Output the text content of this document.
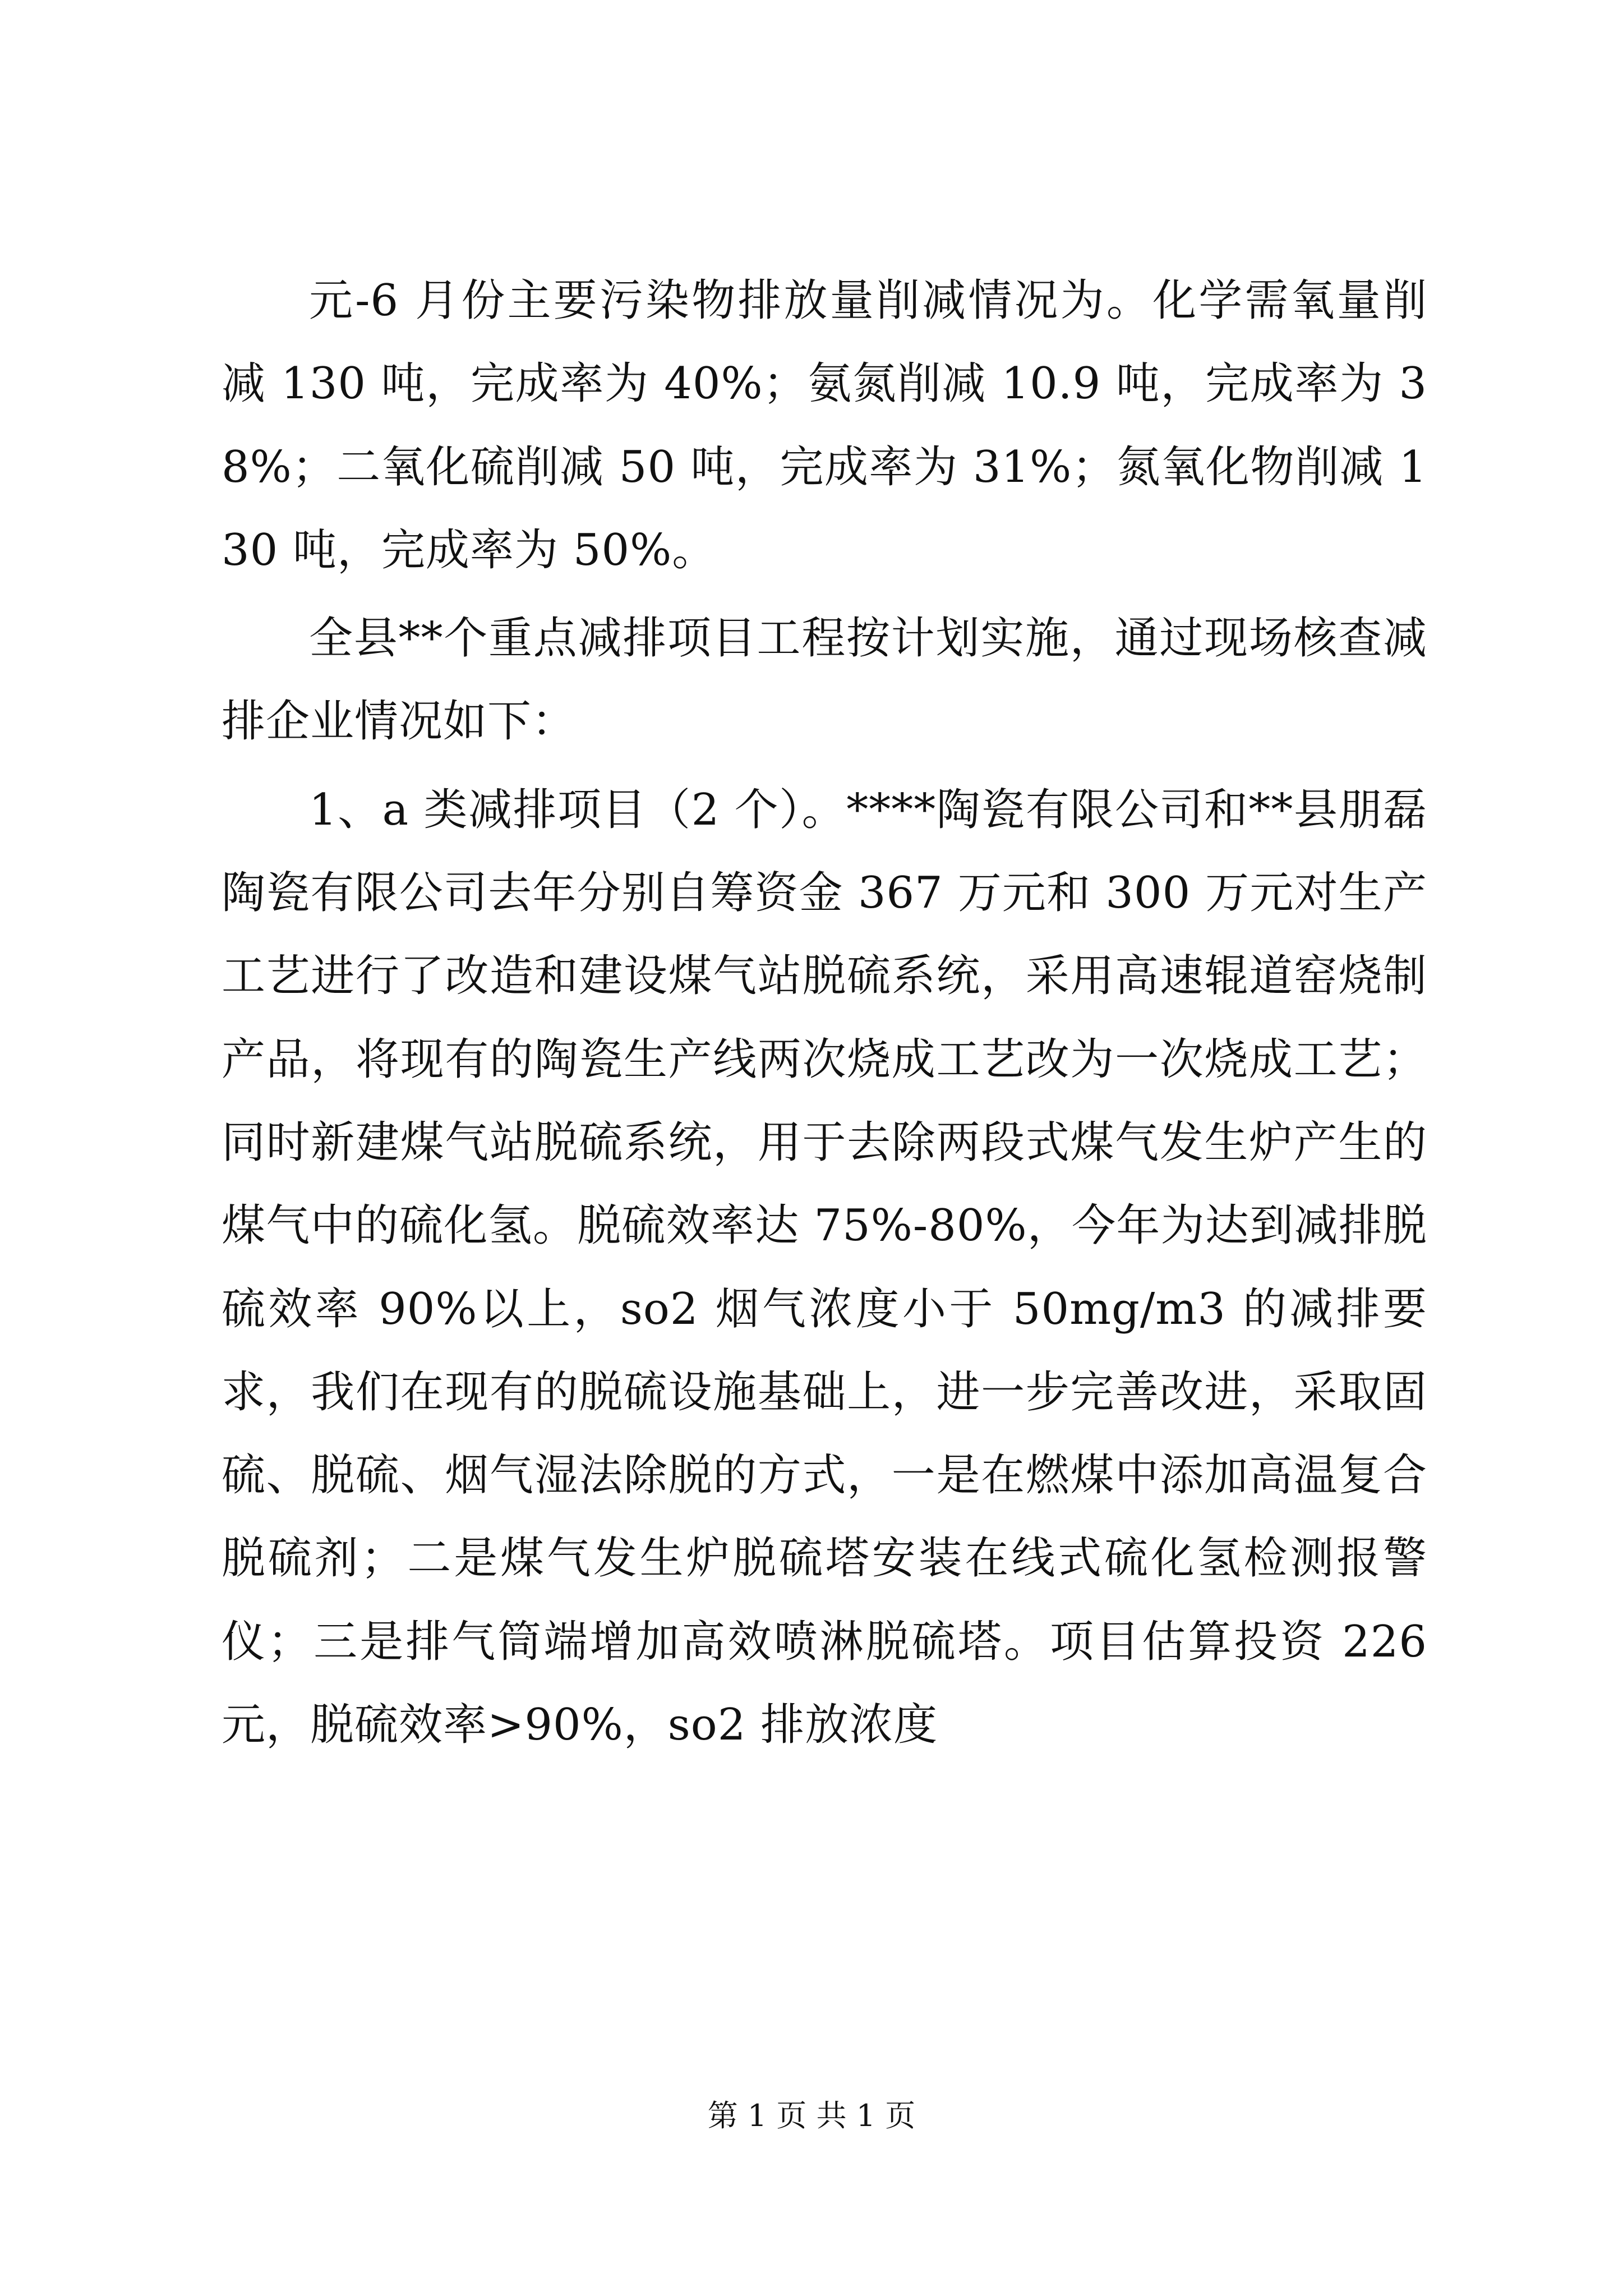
元-6 月份主要污染物排放量削减情况为。化学需氧量削减 130 吨，完成率为 40%；氨氮削减 10.9 吨，完成率为 38%；二氧化硫削减 50 吨，完成率为 31%；氮氧化物削减 130 吨，完成率为 50%。

全县**个重点减排项目工程按计划实施，通过现场核查减排企业情况如下：

1、a 类减排项目（2 个）。****陶瓷有限公司和**县朋磊陶瓷有限公司去年分别自筹资金 367 万元和 300 万元对生产工艺进行了改造和建设煤气站脱硫系统，采用高速辊道窑烧制产品，将现有的陶瓷生产线两次烧成工艺改为一次烧成工艺；同时新建煤气站脱硫系统，用于去除两段式煤气发生炉产生的煤气中的硫化氢。脱硫效率达 75%-80%，今年为达到减排脱硫效率 90%以上，so2 烟气浓度小于 50mg/m3 的减排要求，我们在现有的脱硫设施基础上，进一步完善改进，采取固硫、脱硫、烟气湿法除脱的方式，一是在燃煤中添加高温复合脱硫剂；二是煤气发生炉脱硫塔安装在线式硫化氢检测报警仪；三是排气筒端增加高效喷淋脱硫塔。项目估算投资 226 元，脱硫效率>90%，so2 排放浓度

第 1 页 共 1 页
